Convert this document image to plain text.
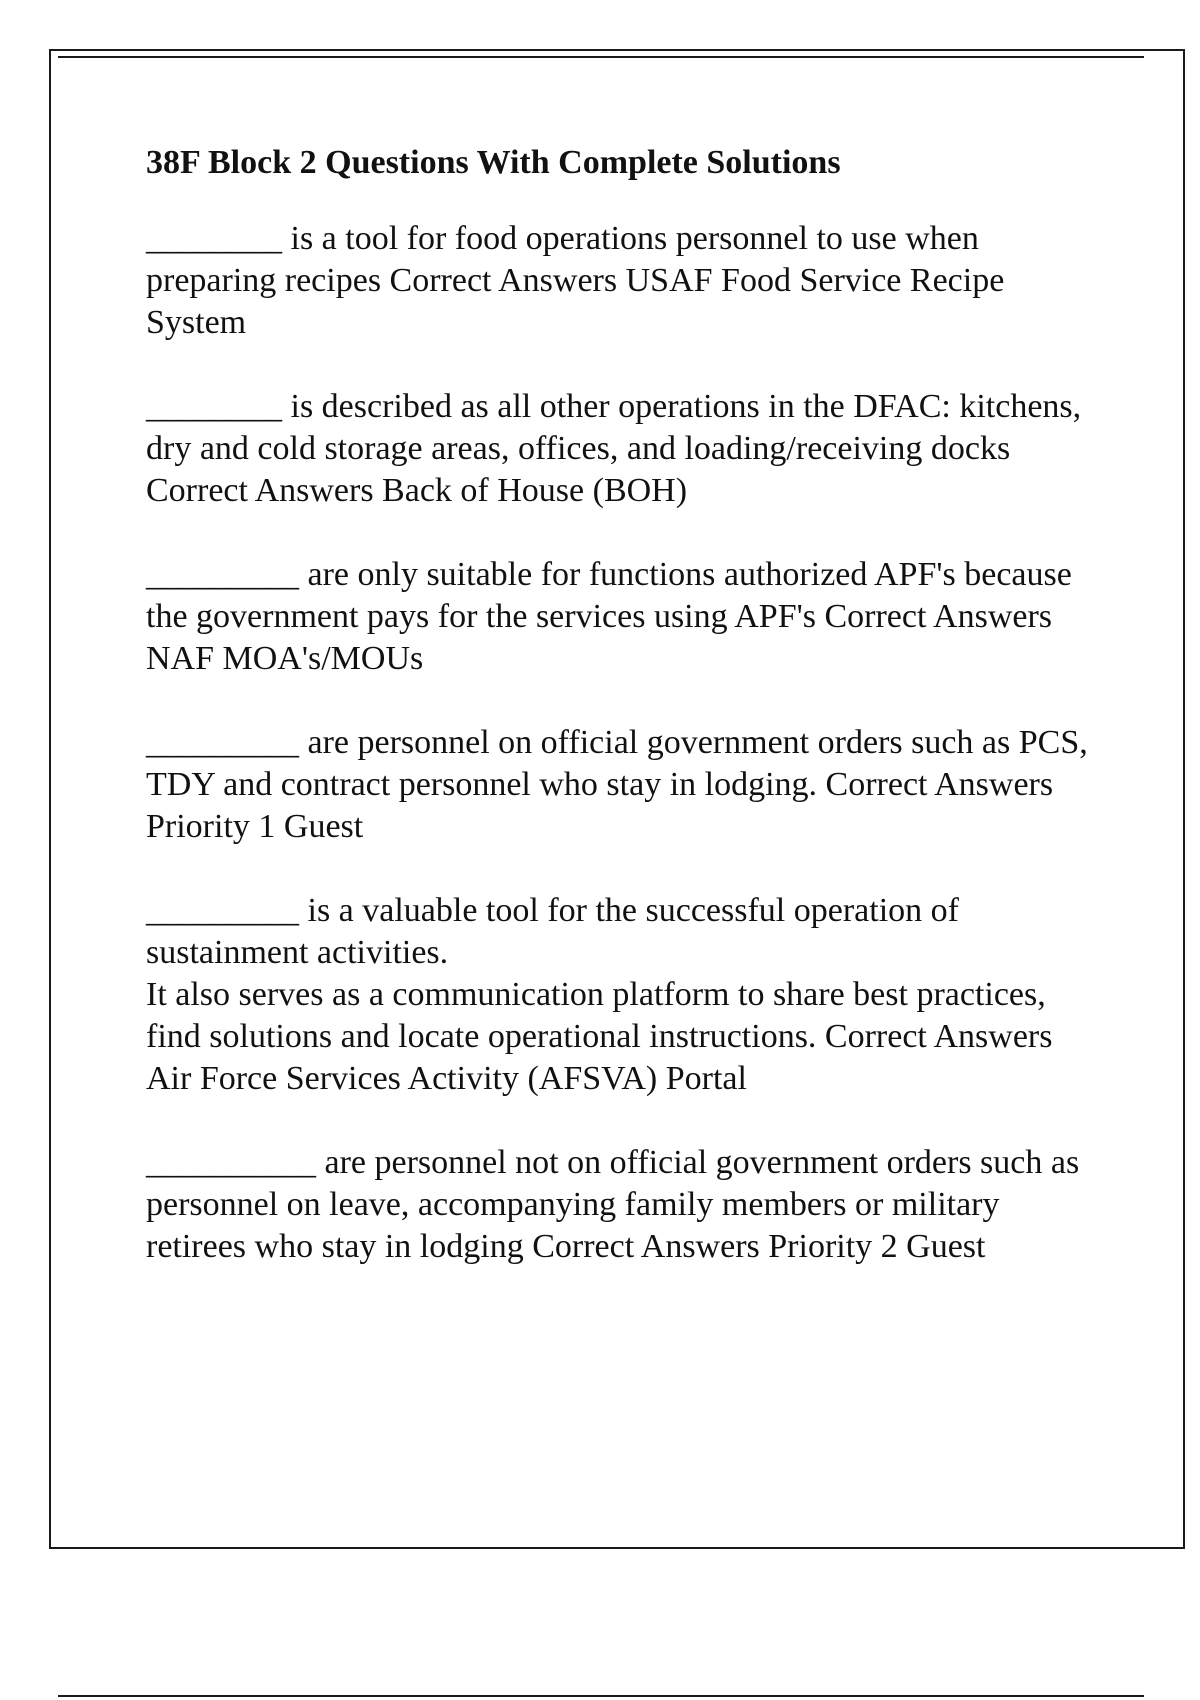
38F Block 2 Questions With Complete Solutions

________ is a tool for food operations personnel to use when preparing recipes Correct Answers USAF Food Service Recipe System

________ is described as all other operations in the DFAC: kitchens, dry and cold storage areas, offices, and loading/receiving docks Correct Answers Back of House (BOH)

_________ are only suitable for functions authorized APF's because the government pays for the services using APF's Correct Answers NAF MOA's/MOUs

_________ are personnel on official government orders such as PCS, TDY and contract personnel who stay in lodging. Correct Answers Priority 1 Guest

_________ is a valuable tool for the successful operation of sustainment activities.
It also serves as a communication platform to share best practices, find solutions and locate operational instructions. Correct Answers Air Force Services Activity (AFSVA) Portal

__________ are personnel not on official government orders such as personnel on leave, accompanying family members or military retirees who stay in lodging Correct Answers Priority 2 Guest
